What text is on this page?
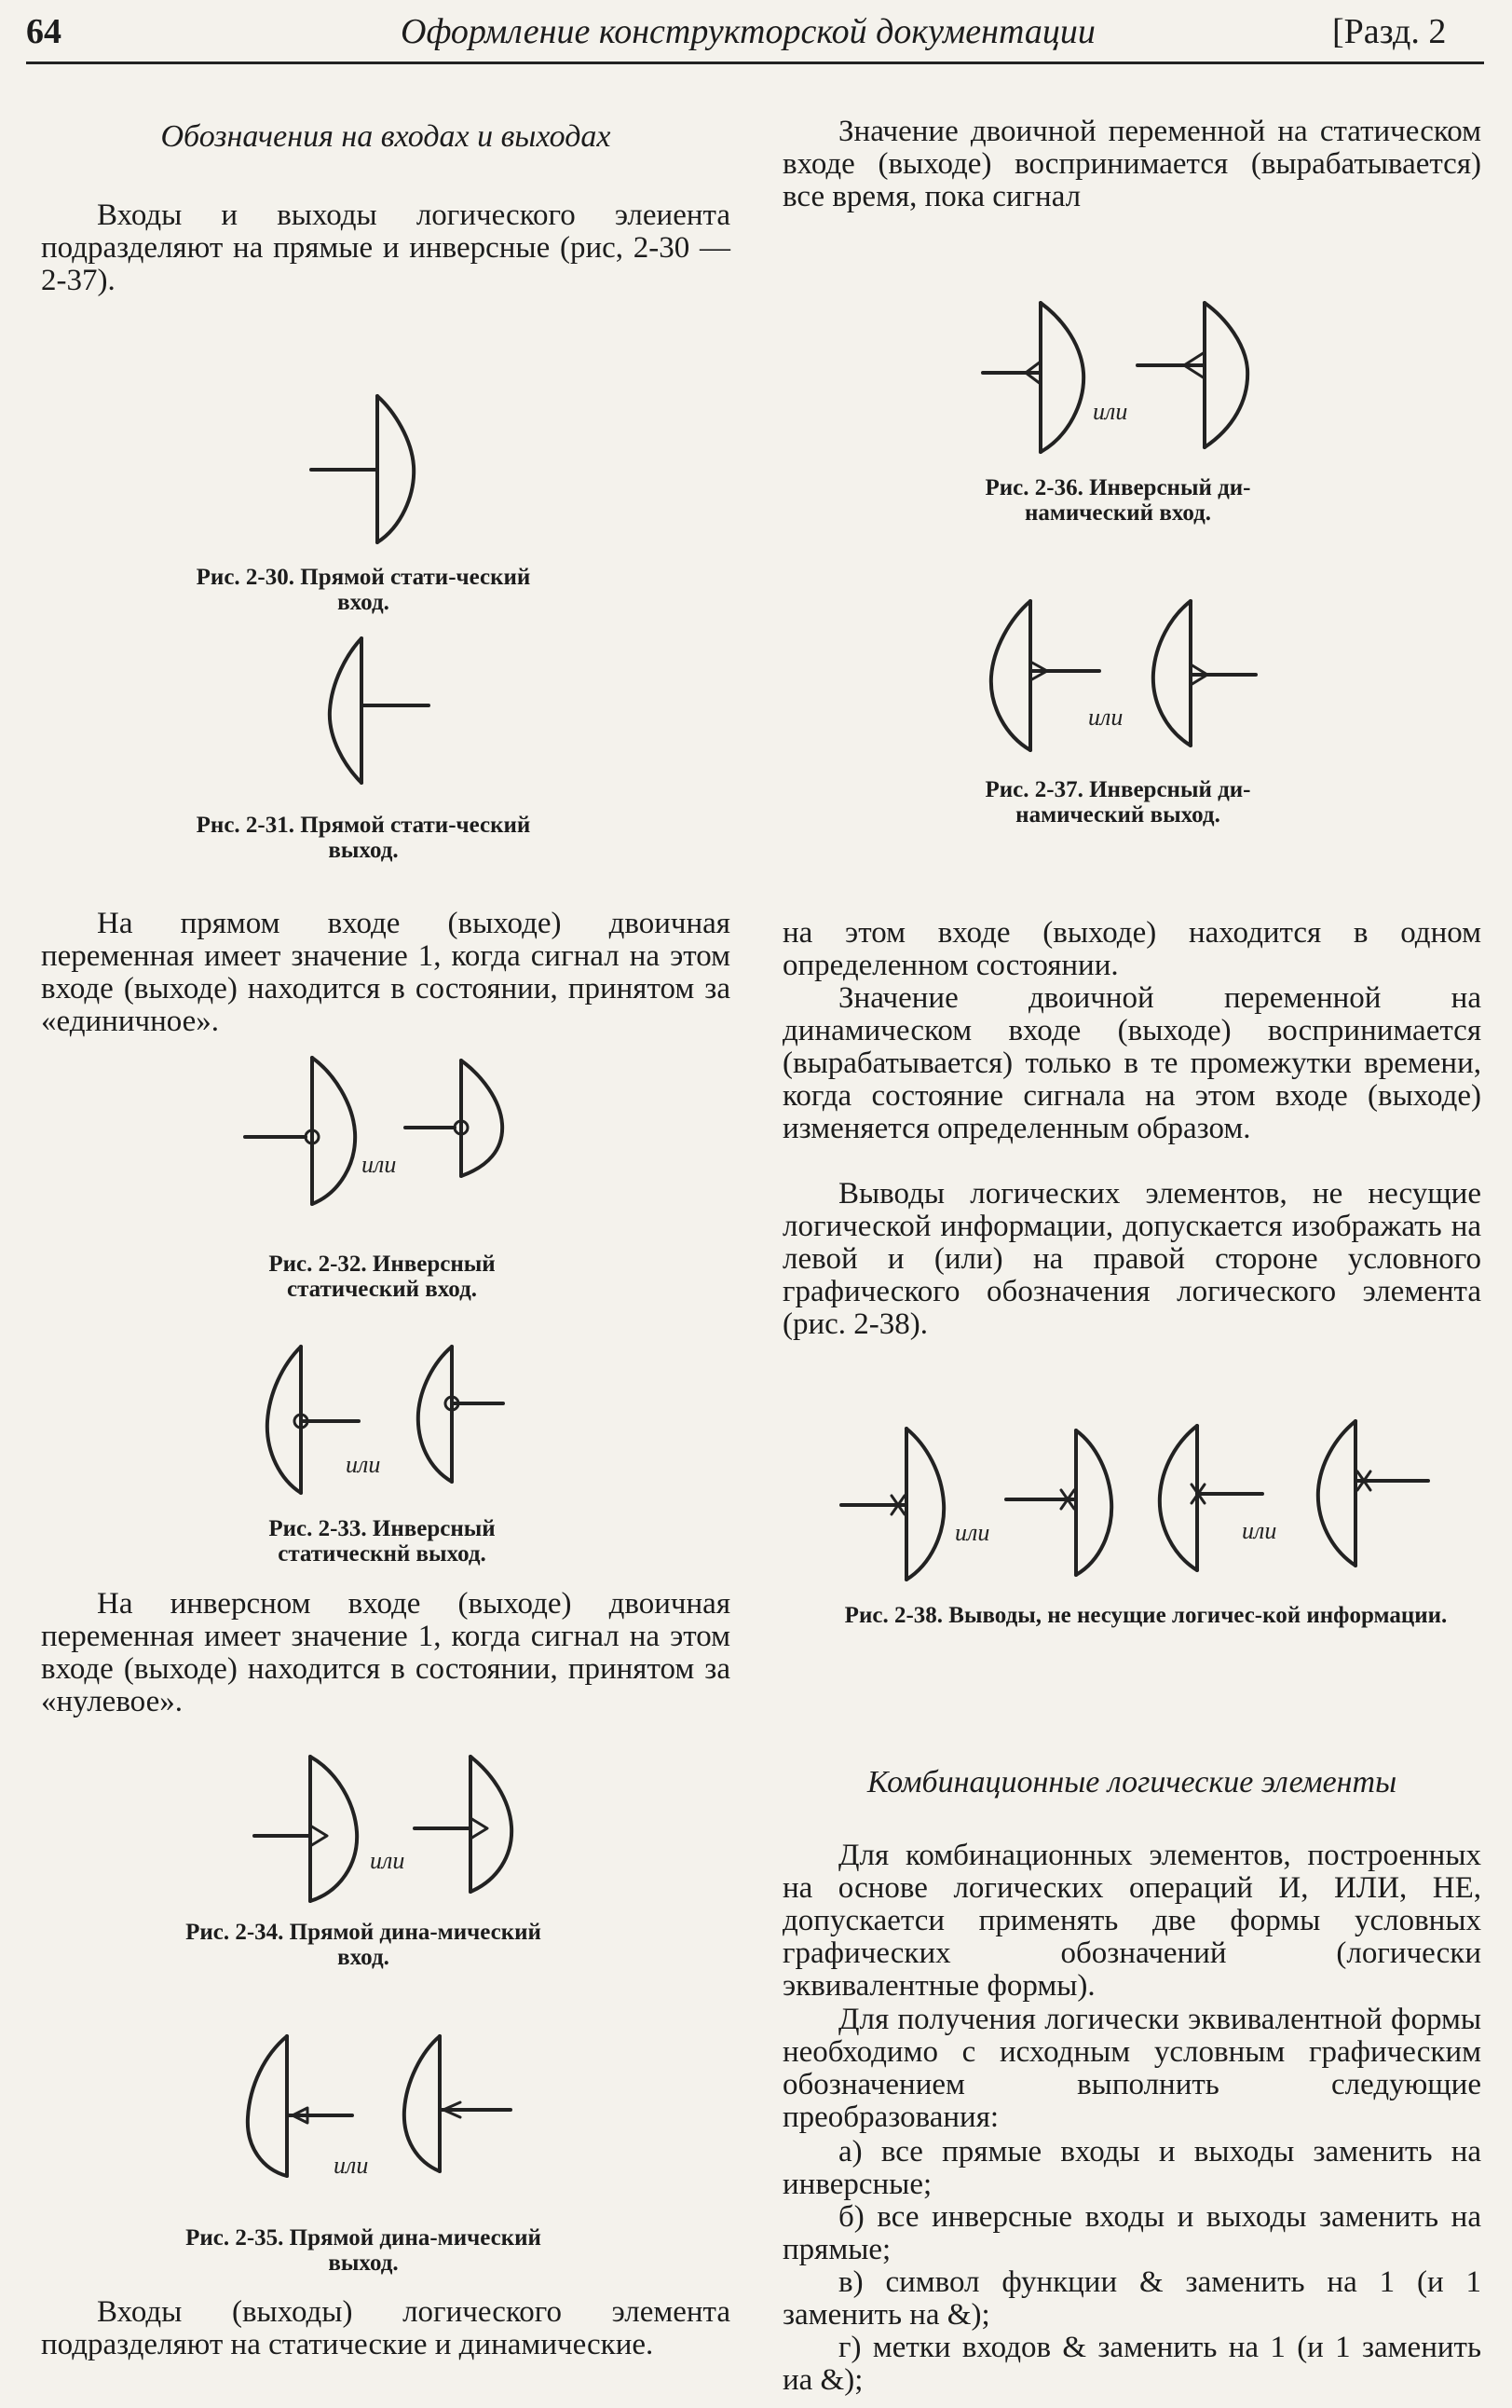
64	Оформление конструкторской документации	[Разд. 2

Обозначения на входах и выходах

Входы и выходы логического элеиента подразделяют на прямые и инверсные (рис, 2-30 — 2-37).

Рис. 2-30. Прямой стати-ческий вход.

Рнс. 2-31. Прямой стати-ческий выход.

На прямом входе (выходе) двоичная переменная имеет значение 1, когда сигнал на этом входе (выходе) находится в состоянии, принятом за «единичное».

или

Рис. 2-32. Инверсный статический вход.

или

Рис. 2-33. Инверсный статическнй выход.

На инверсном входе (выходе) двоичная переменная имеет значение 1, когда сигнал на этом входе (выходе) находится в состоянии, принятом за «нулевое».

или

Рис. 2-34. Прямой дина-мический вход.

или

Рис. 2-35. Прямой дина-мический выход.

Входы (выходы) логического элемента подразделяют на статические и динамические.

Значение двоичной переменной на статическом входе (выходе) воспринимается (вырабатывается) все время, пока сигнал

или

Рис. 2-36. Инверсный ди-намический вход.

или

Рис. 2-37. Инверсный ди-намический выход.

на этом входе (выходе) находится в одном определенном состоянии.

Значение двоичной переменной на динамическом входе (выходе) воспринимается (вырабатывается) только в те промежутки времени, когда состояние сигнала на этом входе (выходе) изменяется определенным образом.

Выводы логических элементов, не несущие логической информации, допускается изображать на левой и (или) на правой стороне условного графического обозначения логического элемента (рис. 2-38).

или	или

Рис. 2-38. Выводы, не несущие логичес-кой информации.

Комбинационные логические элементы

Для комбинационных элементов, построенных на основе логических операций И, ИЛИ, НЕ, допускаетси применять две формы условных графических обозначений (логически эквивалентные формы).

Для получения логически эквивалентной формы необходимо с исходным условным графическим обозначением выполнить следующие преобразования:

а) все прямые входы и выходы заменить на инверсные;

б) все инверсные входы и выходы заменить на прямые;

в) символ функции & заменить на 1 (и 1 заменить на &);

г) метки входов & заменить на 1 (и 1 заменить иа &);
